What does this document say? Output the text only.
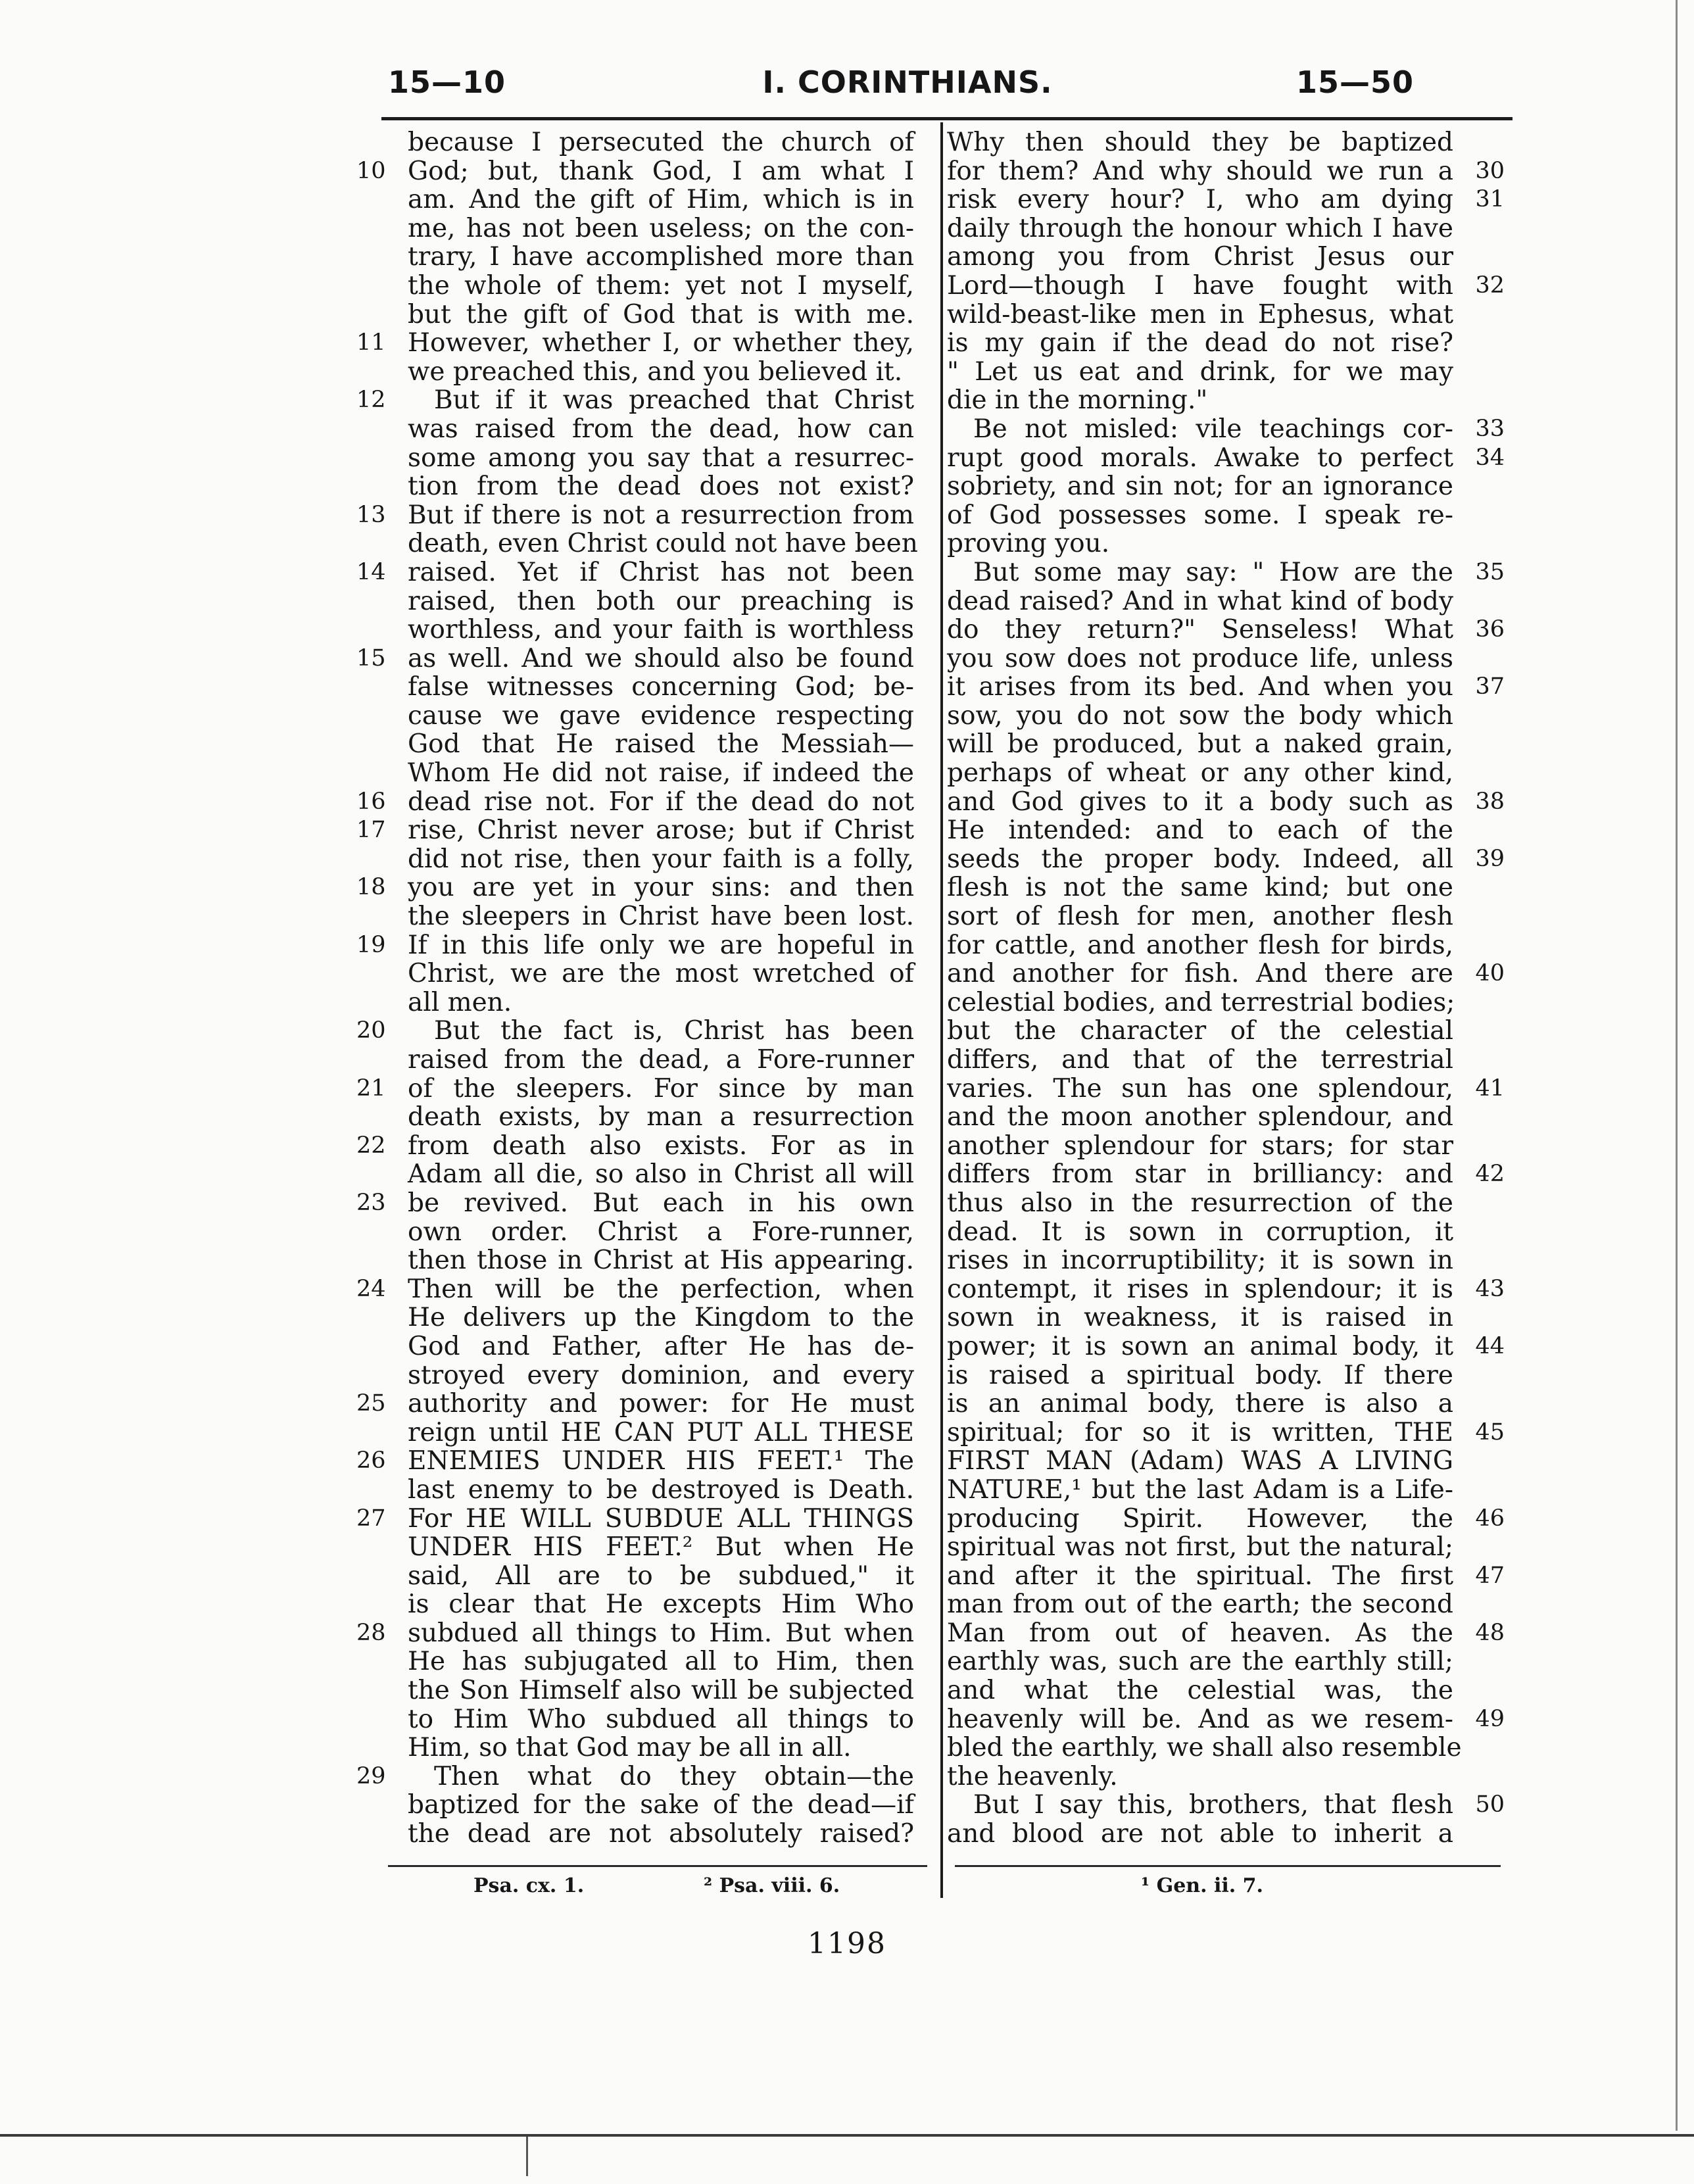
15—10	I. CORINTHIANS.	15—50
because I persecuted the church of
10 God; but, thank God, I am what I
am. And the gift of Him, which is in
me, has not been useless; on the con-
trary, I have accomplished more than
the whole of them: yet not I myself,
but the gift of God that is with me.
11 However, whether I, or whether they,
we preached this, and you believed it.
12	But if it was preached that Christ
was raised from the dead, how can
some among you say that a resurrec-
tion from the dead does not exist?
13 But if there is not a resurrection from
death, even Christ could not have been
14 raised. Yet if Christ has not been
raised, then both our preaching is
worthless, and your faith is worthless
15 as well. And we should also be found
false witnesses concerning God; be-
cause we gave evidence respecting
God that He raised the Messiah—
Whom He did not raise, if indeed the
16 dead rise not. For if the dead do not
17 rise, Christ never arose; but if Christ
did not rise, then your faith is a folly,
18 you are yet in your sins: and then
the sleepers in Christ have been lost.
19 If in this life only we are hopeful in
Christ, we are the most wretched of
all men.
20	But the fact is, Christ has been
raised from the dead, a Fore-runner
21 of the sleepers. For since by man
death exists, by man a resurrection
22 from death also exists. For as in
Adam all die, so also in Christ all will
23 be revived. But each in his own
own order. Christ a Fore-runner,
then those in Christ at His appearing.
24 Then will be the perfection, when
He delivers up the Kingdom to the
God and Father, after He has de-
stroyed every dominion, and every
25 authority and power: for He must
reign until HE CAN PUT ALL THESE
26 ENEMIES UNDER HIS FEET.¹ The
last enemy to be destroyed is Death.
27 For HE WILL SUBDUE ALL THINGS
UNDER HIS FEET.² But when He
said, All are to be subdued," it
is clear that He excepts Him Who
28 subdued all things to Him. But when
He has subjugated all to Him, then
the Son Himself also will be subjected
to Him Who subdued all things to
Him, so that God may be all in all.
29	Then what do they obtain—the
baptized for the sake of the dead—if
the dead are not absolutely raised?
Why then should they be baptized
30
for them? And why should we run a
31
risk every hour? I, who am dying
daily through the honour which I have
among you from Christ Jesus our
32
Lord—though I have fought with
wild-beast-like men in Ephesus, what
is my gain if the dead do not rise?
" Let us eat and drink, for we may
die in the morning."
33
Be not misled: vile teachings cor-
34
rupt good morals. Awake to perfect
sobriety, and sin not; for an ignorance
of God possesses some. I speak re-
proving you.
35
But some may say: " How are the
dead raised? And in what kind of body
36
do they return?" Senseless! What
you sow does not produce life, unless
37
it arises from its bed. And when you
sow, you do not sow the body which
will be produced, but a naked grain,
perhaps of wheat or any other kind,
38
and God gives to it a body such as
He intended: and to each of the
39
seeds the proper body. Indeed, all
flesh is not the same kind; but one
sort of flesh for men, another flesh
for cattle, and another flesh for birds,
40
and another for fish. And there are
celestial bodies, and terrestrial bodies;
but the character of the celestial
differs, and that of the terrestrial
41
varies. The sun has one splendour,
and the moon another splendour, and
another splendour for stars; for star
42
differs from star in brilliancy: and
thus also in the resurrection of the
dead. It is sown in corruption, it
rises in incorruptibility; it is sown in
43
contempt, it rises in splendour; it is
sown in weakness, it is raised in
44
power; it is sown an animal body, it
is raised a spiritual body. If there
is an animal body, there is also a
45
spiritual; for so it is written, THE
FIRST MAN (Adam) WAS A LIVING
NATURE,¹ but the last Adam is a Life-
46
producing Spirit. However, the
spiritual was not first, but the natural;
47
and after it the spiritual. The first
man from out of the earth; the second
48
Man from out of heaven. As the
earthly was, such are the earthly still;
and what the celestial was, the
49
heavenly will be. And as we resem-
bled the earthly, we shall also resemble
the heavenly.
50
But I say this, brothers, that flesh
and blood are not able to inherit a
Psa. cx. 1.	² Psa. viii. 6.	¹ Gen. ii. 7.
1198
